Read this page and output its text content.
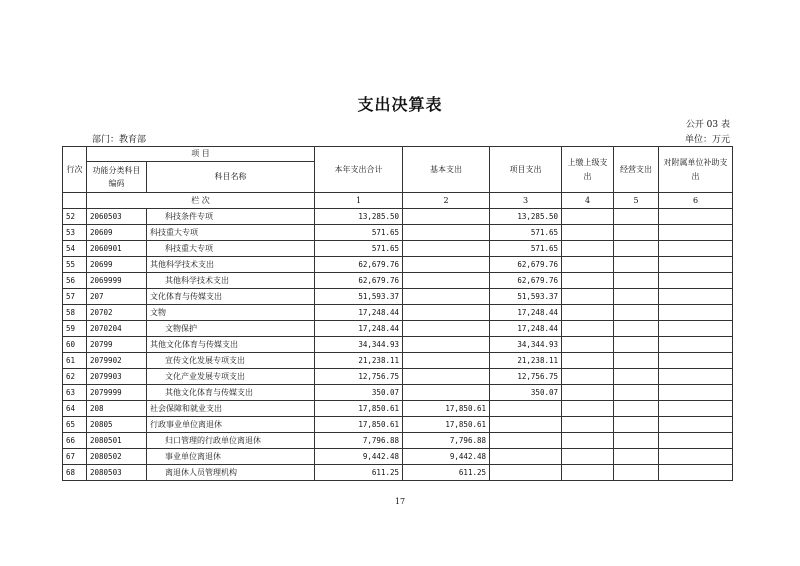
支出决算表
公开 03 表
部门：教育部	单位：万元
行次	项 目		本年支出合计	基本支出	项目支出	上缴上级支出	经营支出	对附属单位补助支出
	功能分类科目编码	科目名称						
	栏 次		1	2	3	4	5	6
52	2060503	科技条件专项	13,285.50		13,285.50			
53	20609	科技重大专项	571.65		571.65			
54	2060901	科技重大专项	571.65		571.65			
55	20699	其他科学技术支出	62,679.76		62,679.76			
56	2069999	其他科学技术支出	62,679.76		62,679.76			
57	207	文化体育与传媒支出	51,593.37		51,593.37			
58	20702	文物	17,248.44		17,248.44			
59	2070204	文物保护	17,248.44		17,248.44			
60	20799	其他文化体育与传媒支出	34,344.93		34,344.93			
61	2079902	宣传文化发展专项支出	21,238.11		21,238.11			
62	2079903	文化产业发展专项支出	12,756.75		12,756.75			
63	2079999	其他文化体育与传媒支出	350.07		350.07			
64	208	社会保障和就业支出	17,850.61	17,850.61				
65	20805	行政事业单位离退休	17,850.61	17,850.61				
66	2080501	归口管理的行政单位离退休	7,796.88	7,796.88				
67	2080502	事业单位离退休	9,442.48	9,442.48				
68	2080503	离退休人员管理机构	611.25	611.25				
17
